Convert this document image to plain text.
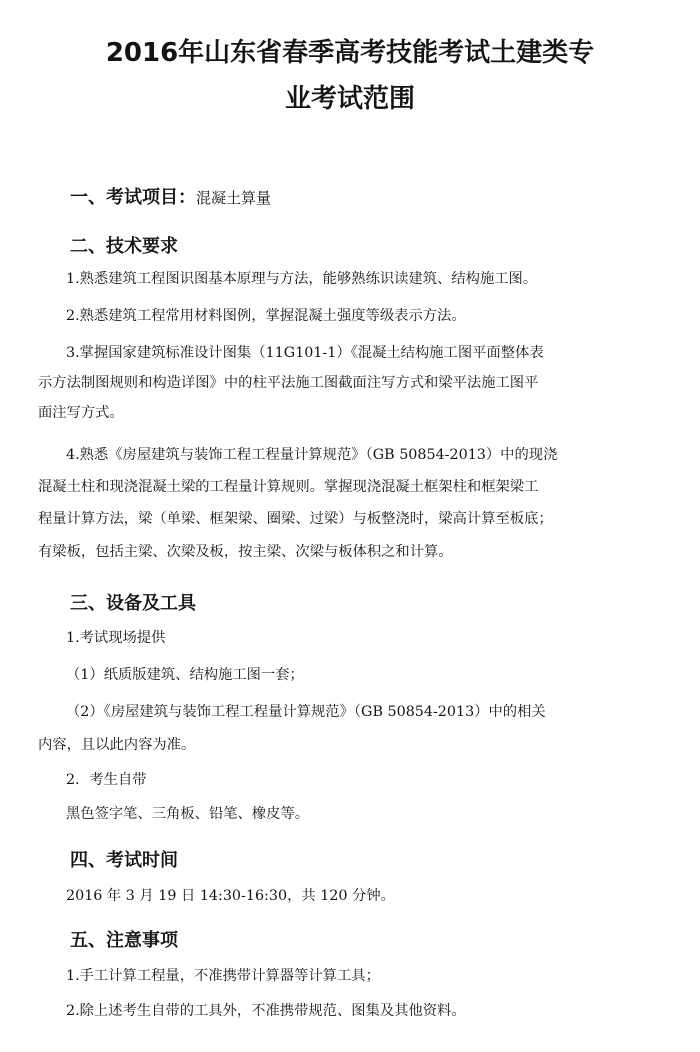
2016年山东省春季高考技能考试土建类专
业考试范围
一、考试项目：混凝土算量
二、技术要求
1.熟悉建筑工程图识图基本原理与方法，能够熟练识读建筑、结构施工图。
2.熟悉建筑工程常用材料图例，掌握混凝土强度等级表示方法。
3.掌握国家建筑标准设计图集（11G101-1）《混凝土结构施工图平面整体表
示方法制图规则和构造详图》中的柱平法施工图截面注写方式和梁平法施工图平
面注写方式。
4.熟悉《房屋建筑与装饰工程工程量计算规范》（GB 50854-2013）中的现浇
混凝土柱和现浇混凝土梁的工程量计算规则。掌握现浇混凝土框架柱和框架梁工
程量计算方法，梁（单梁、框架梁、圈梁、过梁）与板整浇时，梁高计算至板底；
有梁板，包括主梁、次梁及板，按主梁、次梁与板体积之和计算。
三、设备及工具
1.考试现场提供
（1）纸质版建筑、结构施工图一套；
（2）《房屋建筑与装饰工程工程量计算规范》（GB 50854-2013）中的相关
内容，且以此内容为准。
2．考生自带
黑色签字笔、三角板、铅笔、橡皮等。
四、考试时间
2016 年 3 月 19 日 14:30-16:30，共 120 分钟。
五、注意事项
1.手工计算工程量，不准携带计算器等计算工具；
2.除上述考生自带的工具外，不准携带规范、图集及其他资料。
